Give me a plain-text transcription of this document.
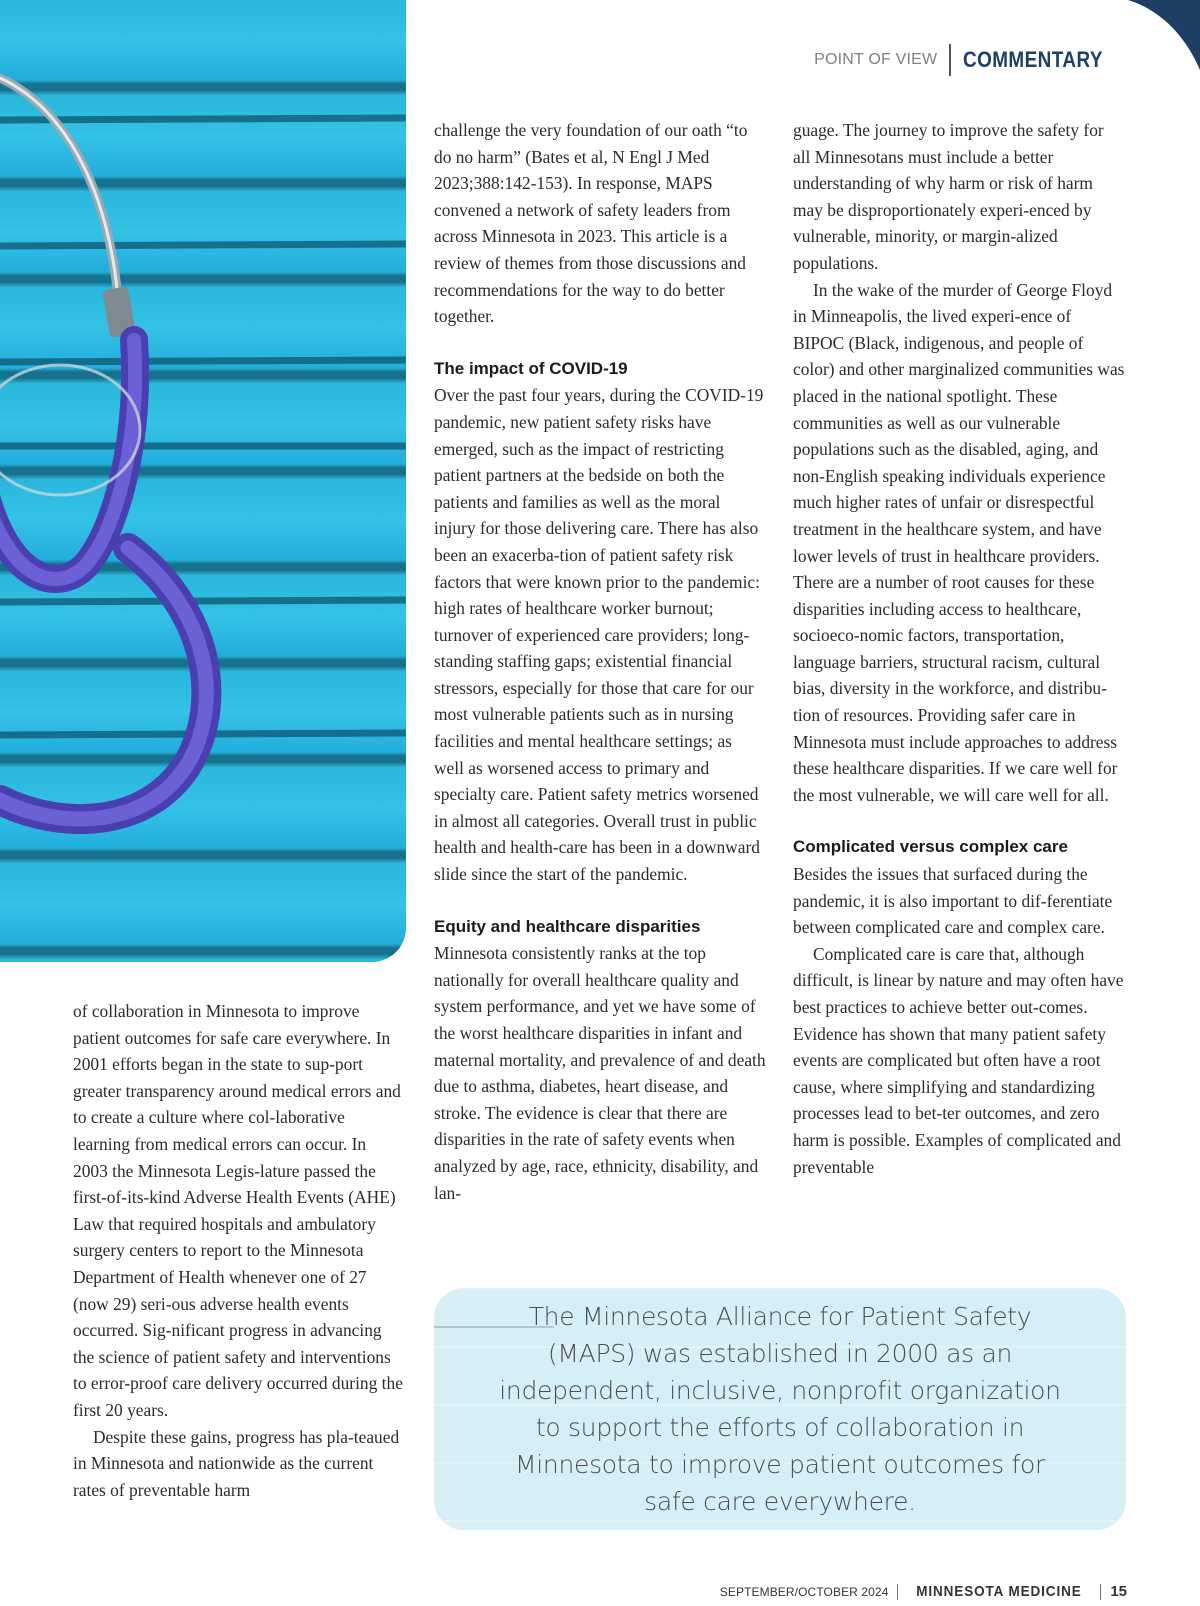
POINT OF VIEW COMMENTARY

of collaboration in Minnesota to improve patient outcomes for safe care everywhere. In 2001 efforts began in the state to sup-port greater transparency around medical errors and to create a culture where col-laborative learning from medical errors can occur. In 2003 the Minnesota Legis-lature passed the first-of-its-kind Adverse Health Events (AHE) Law that required hospitals and ambulatory surgery centers to report to the Minnesota Department of Health whenever one of 27 (now 29) seri-ous adverse health events occurred. Sig-nificant progress in advancing the science of patient safety and interventions to error-proof care delivery occurred during the first 20 years.

Despite these gains, progress has pla-teaued in Minnesota and nationwide as the current rates of preventable harm

challenge the very foundation of our oath “to do no harm” (Bates et al, N Engl J Med 2023;388:142-153). In response, MAPS convened a network of safety leaders from across Minnesota in 2023. This article is a review of themes from those discussions and recommendations for the way to do better together.

The impact of COVID-19

Over the past four years, during the COVID-19 pandemic, new patient safety risks have emerged, such as the impact of restricting patient partners at the bedside on both the patients and families as well as the moral injury for those delivering care. There has also been an exacerba-tion of patient safety risk factors that were known prior to the pandemic: high rates of healthcare worker burnout; turnover of experienced care providers; long-standing staffing gaps; existential financial stressors, especially for those that care for our most vulnerable patients such as in nursing facilities and mental healthcare settings; as well as worsened access to primary and specialty care. Patient safety metrics worsened in almost all categories. Overall trust in public health and health-care has been in a downward slide since the start of the pandemic.

Equity and healthcare disparities

Minnesota consistently ranks at the top nationally for overall healthcare quality and system performance, and yet we have some of the worst healthcare disparities in infant and maternal mortality, and prevalence of and death due to asthma, diabetes, heart disease, and stroke. The evidence is clear that there are disparities in the rate of safety events when analyzed by age, race, ethnicity, disability, and lan-

guage. The journey to improve the safety for all Minnesotans must include a better understanding of why harm or risk of harm may be disproportionately experi-enced by vulnerable, minority, or margin-alized populations.

In the wake of the murder of George Floyd in Minneapolis, the lived experi-ence of BIPOC (Black, indigenous, and people of color) and other marginalized communities was placed in the national spotlight. These communities as well as our vulnerable populations such as the disabled, aging, and non-English speaking individuals experience much higher rates of unfair or disrespectful treatment in the healthcare system, and have lower levels of trust in healthcare providers. There are a number of root causes for these disparities including access to healthcare, socioeco-nomic factors, transportation, language barriers, structural racism, cultural bias, diversity in the workforce, and distribu-tion of resources. Providing safer care in Minnesota must include approaches to address these healthcare disparities. If we care well for the most vulnerable, we will care well for all.

Complicated versus complex care

Besides the issues that surfaced during the pandemic, it is also important to dif-ferentiate between complicated care and complex care.

Complicated care is care that, although difficult, is linear by nature and may often have best practices to achieve better out-comes. Evidence has shown that many patient safety events are complicated but often have a root cause, where simplifying and standardizing processes lead to bet-ter outcomes, and zero harm is possible. Examples of complicated and preventable

The Minnesota Alliance for Patient Safety (MAPS) was established in 2000 as an independent, inclusive, nonprofit organization to support the efforts of collaboration in Minnesota to improve patient outcomes for safe care everywhere.

SEPTEMBER/OCTOBER 2024 MINNESOTA MEDICINE 15
